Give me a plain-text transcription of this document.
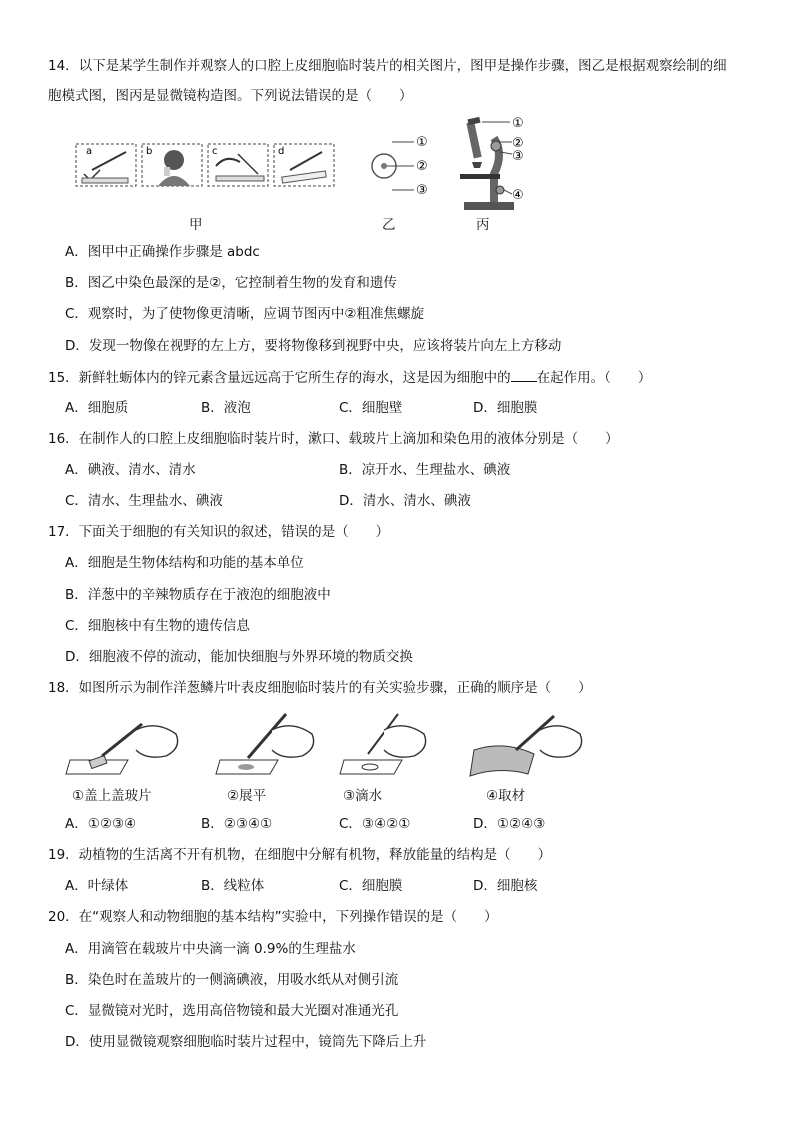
14．以下是某学生制作并观察人的口腔上皮细胞临时装片的相关图片，图甲是操作步骤，图乙是根据观察绘制的细
胞模式图，图丙是显微镜构造图。下列说法错误的是（　　）
a	b	c	d
甲
①
②
③
乙
①
②
③
④
丙
A．图甲中正确操作步骤是 abdc
B．图乙中染色最深的是②，它控制着生物的发育和遗传
C．观察时，为了使物像更清晰，应调节图丙中②粗准焦螺旋
D．发现一物像在视野的左上方，要将物像移到视野中央，应该将装片向左上方移动
15．新鲜牡蛎体内的锌元素含量远远高于它所生存的海水，这是因为细胞中的 在起作用。（　　）
A．细胞质	B．液泡	C．细胞壁	D．细胞膜
16．在制作人的口腔上皮细胞临时装片时，漱口、载玻片上滴加和染色用的液体分别是（　　）
A．碘液、清水、清水	B．凉开水、生理盐水、碘液
C．清水、生理盐水、碘液	D．清水、清水、碘液
17．下面关于细胞的有关知识的叙述，错误的是（　　）
A．细胞是生物体结构和功能的基本单位
B．洋葱中的辛辣物质存在于液泡的细胞液中
C．细胞核中有生物的遗传信息
D．细胞液不停的流动，能加快细胞与外界环境的物质交换
18．如图所示为制作洋葱鳞片叶表皮细胞临时装片的有关实验步骤，正确的顺序是（　　）
①盖上盖玻片	②展平	③滴水	④取材
A．①②③④	B．②③④①	C．③④②①	D．①②④③
19．动植物的生活离不开有机物，在细胞中分解有机物，释放能量的结构是（　　）
A．叶绿体	B．线粒体	C．细胞膜	D．细胞核
20．在“观察人和动物细胞的基本结构”实验中，下列操作错误的是（　　）
A．用滴管在载玻片中央滴一滴 0.9%的生理盐水
B．染色时在盖玻片的一侧滴碘液，用吸水纸从对侧引流
C．显微镜对光时，选用高倍物镜和最大光圈对准通光孔
D．使用显微镜观察细胞临时装片过程中，镜筒先下降后上升
